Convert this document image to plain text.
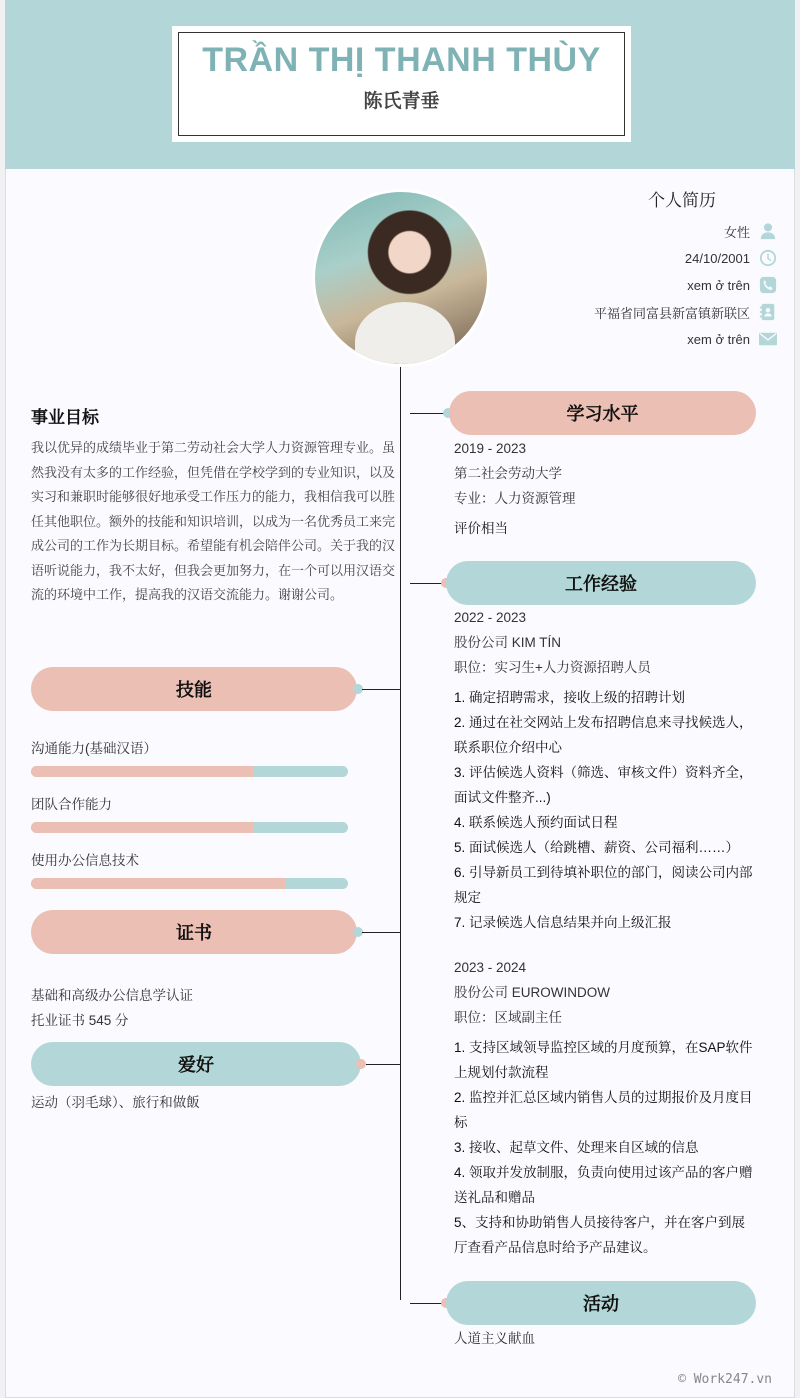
TRẦN THỊ THANH THÙY
陈氏青垂
个人简历
女性
24/10/2001
xem ở trên
平福省同富县新富镇新联区
xem ở trên
事业目标
我以优异的成绩毕业于第二劳动社会大学人力资源管理专业。虽然我没有太多的工作经验，但凭借在学校学到的专业知识，以及实习和兼职时能够很好地承受工作压力的能力，我相信我可以胜任其他职位。额外的技能和知识培训，以成为一名优秀员工来完成公司的工作为长期目标。希望能有机会陪伴公司。关于我的汉语听说能力，我不太好，但我会更加努力，在一个可以用汉语交流的环境中工作，提高我的汉语交流能力。谢谢公司。
技能
沟通能力(基础汉语）
团队合作能力
使用办公信息技术
证书
基础和高级办公信息学认证
托业证书 545 分
爱好
运动（羽毛球）、旅行和做飯
学习水平
2019 - 2023
第二社会劳动大学
专业：人力资源管理
评价相当
工作经验
2022 - 2023
股份公司 KIM TÍN
职位：实习生+人力资源招聘人员
1. 确定招聘需求，接收上级的招聘计划
2. 通过在社交网站上发布招聘信息来寻找候选人，联系职位介绍中心
3. 评估候选人资料（筛选、审核文件）资料齐全，面试文件整齐...)
4. 联系候选人预约面试日程
5. 面试候选人（给跳槽、薪资、公司福利……）
6. 引导新员工到待填补职位的部门，阅读公司内部规定
7. 记录候选人信息结果并向上级汇报
2023 - 2024
股份公司 EUROWINDOW
职位：区域副主任
1. 支持区域领导监控区域的月度预算，在SAP软件上规划付款流程
2. 监控并汇总区域内销售人员的过期报价及月度目标
3. 接收、起草文件、处理来自区域的信息
4. 领取并发放制服，负责向使用过该产品的客户赠送礼品和赠品
5、支持和协助销售人员接待客户，并在客户到展厅查看产品信息时给予产品建议。
活动
人道主义献血
© Work247.vn
